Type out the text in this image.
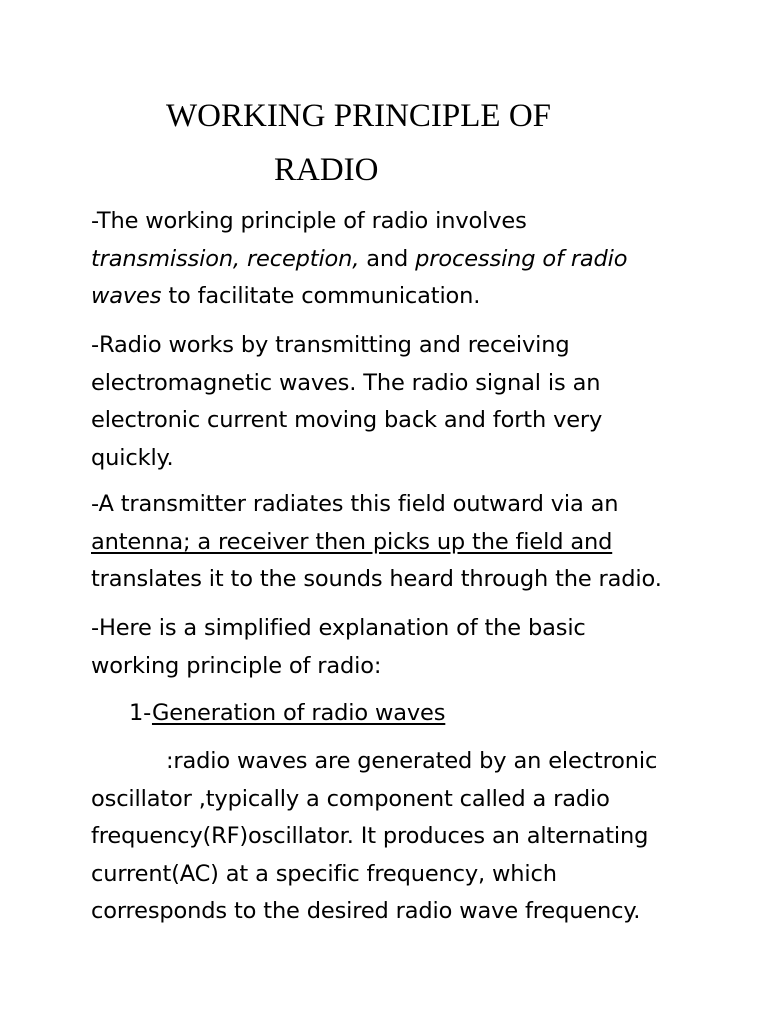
WORKING PRINCIPLE OF
RADIO
-The working principle of radio involves
transmission, reception, and processing of radio
waves to facilitate communication.
-Radio works by transmitting and receiving
electromagnetic waves. The radio signal is an
electronic current moving back and forth very
quickly.
-A transmitter radiates this field outward via an
antenna; a receiver then picks up the field and
translates it to the sounds heard through the radio.
-Here is a simplified explanation of the basic
working principle of radio:
1-Generation of radio waves
:radio waves are generated by an electronic
oscillator ,typically a component called a radio
frequency(RF)oscillator. It produces an alternating
current(AC) at a specific frequency, which
corresponds to the desired radio wave frequency.
